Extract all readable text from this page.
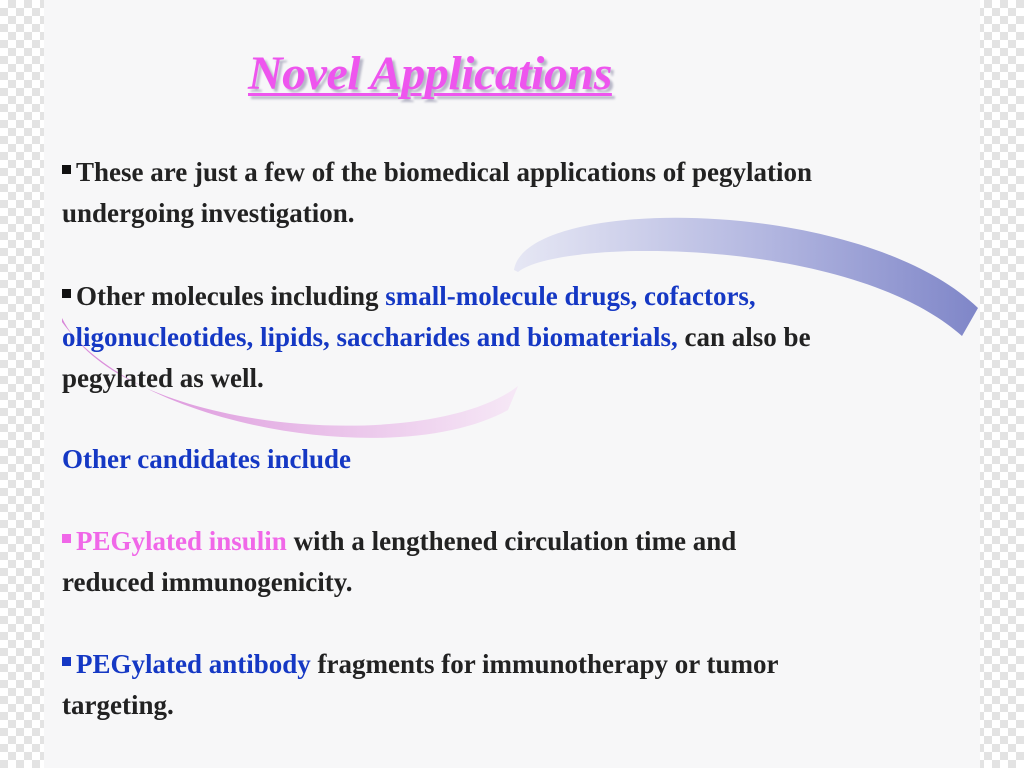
Novel Applications
These are just a few of the biomedical applications of pegylation
undergoing investigation.
Other molecules including small-molecule drugs, cofactors,
oligonucleotides, lipids, saccharides and biomaterials, can also be
pegylated as well.
Other candidates include
PEGylated insulin with a lengthened circulation time and
reduced immunogenicity.
PEGylated antibody fragments for immunotherapy or tumor
targeting.
